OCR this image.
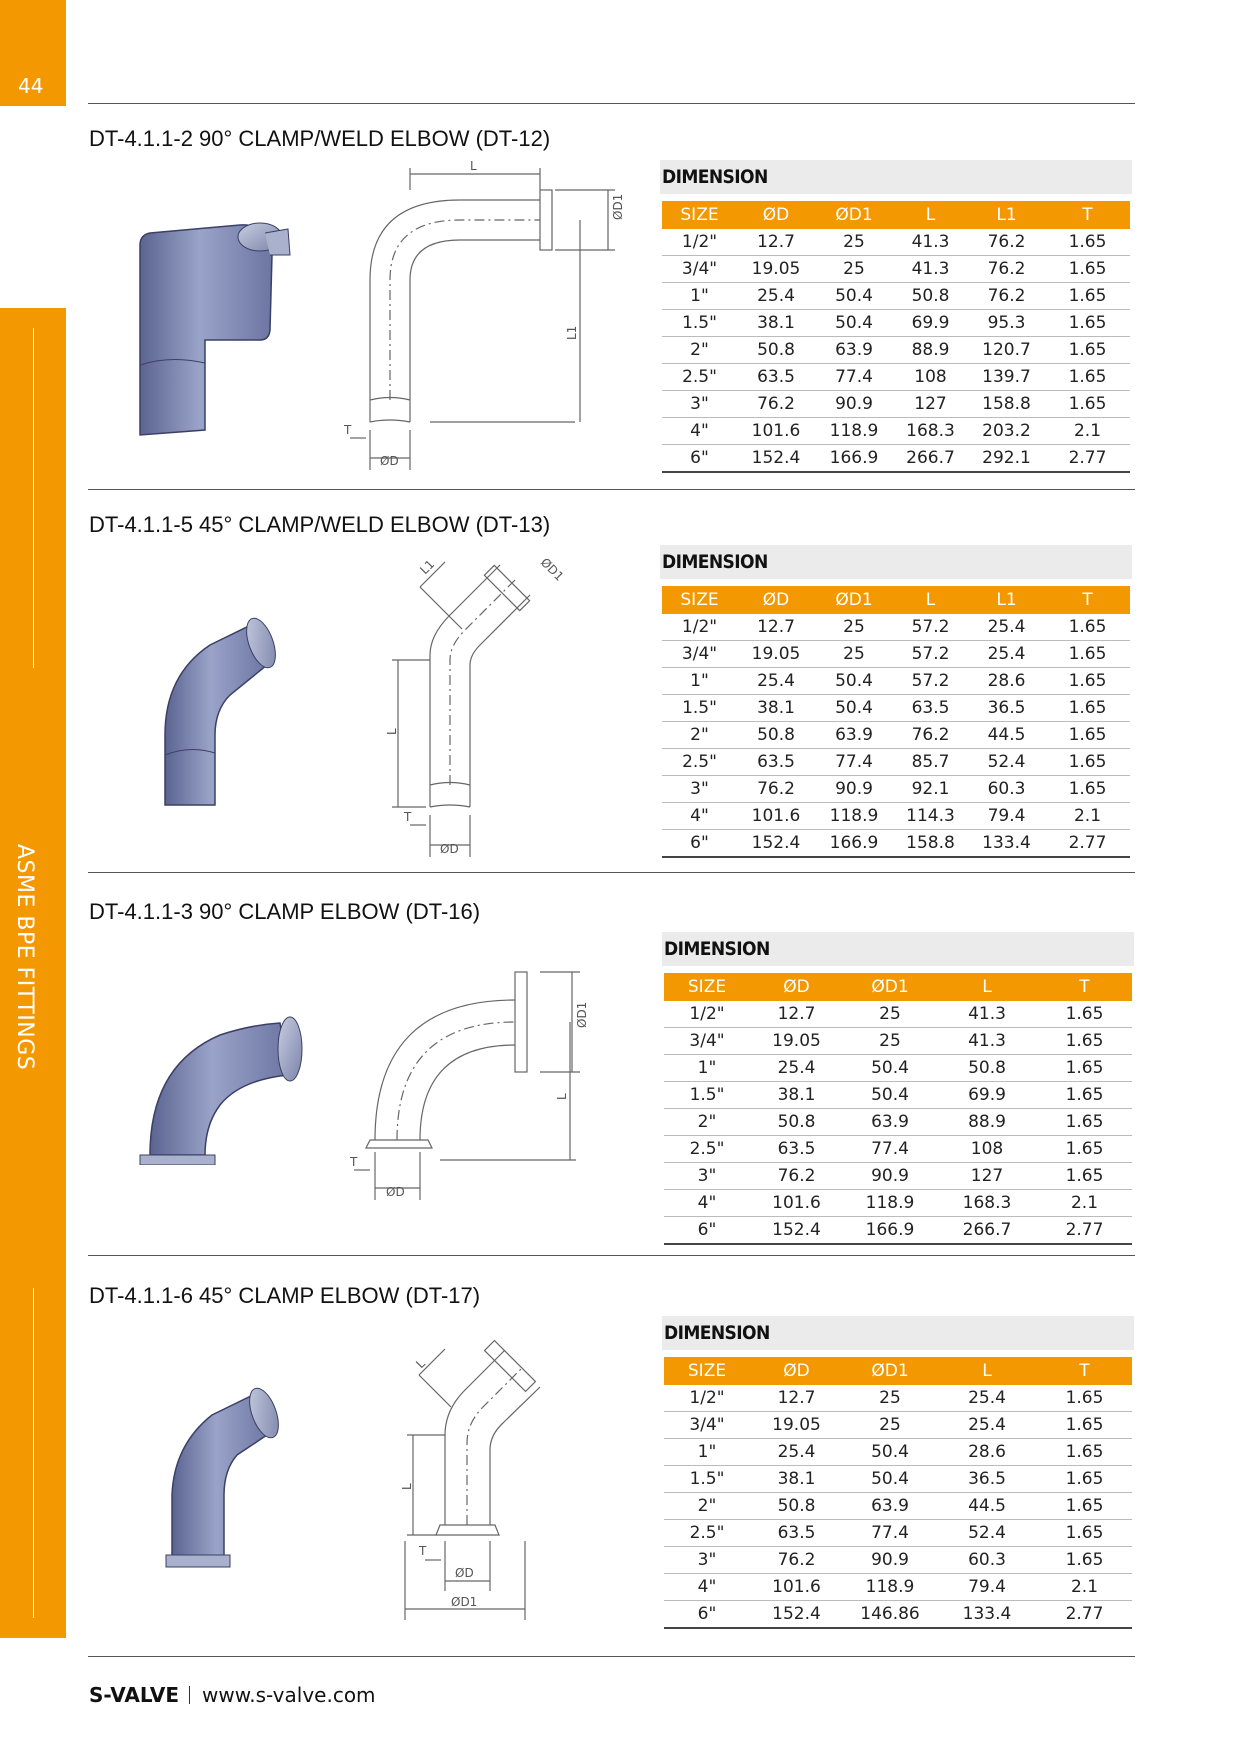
44
ASME BPE FITTINGS
DT-4.1.1-2 90° CLAMP/WELD ELBOW (DT-12)
L
ØD1
L1
T
ØD
DIMENSION
SIZE	ØD	ØD1	L	L1	T
1/2"	12.7	25	41.3	76.2	1.65
3/4"	19.05	25	41.3	76.2	1.65
1"	25.4	50.4	50.8	76.2	1.65
1.5"	38.1	50.4	69.9	95.3	1.65
2"	50.8	63.9	88.9	120.7	1.65
2.5"	63.5	77.4	108	139.7	1.65
3"	76.2	90.9	127	158.8	1.65
4"	101.6	118.9	168.3	203.2	2.1
6"	152.4	166.9	266.7	292.1	2.77
DT-4.1.1-5 45° CLAMP/WELD ELBOW (DT-13)
L1	ØD1
L
T
ØD
DIMENSION
SIZE	ØD	ØD1	L	L1	T
1/2"	12.7	25	57.2	25.4	1.65
3/4"	19.05	25	57.2	25.4	1.65
1"	25.4	50.4	57.2	28.6	1.65
1.5"	38.1	50.4	63.5	36.5	1.65
2"	50.8	63.9	76.2	44.5	1.65
2.5"	63.5	77.4	85.7	52.4	1.65
3"	76.2	90.9	92.1	60.3	1.65
4"	101.6	118.9	114.3	79.4	2.1
6"	152.4	166.9	158.8	133.4	2.77
DT-4.1.1-3 90° CLAMP ELBOW (DT-16)
ØD1
L
T
ØD
DIMENSION
SIZE	ØD	ØD1	L	T
1/2"	12.7	25	41.3	1.65
3/4"	19.05	25	41.3	1.65
1"	25.4	50.4	50.8	1.65
1.5"	38.1	50.4	69.9	1.65
2"	50.8	63.9	88.9	1.65
2.5"	63.5	77.4	108	1.65
3"	76.2	90.9	127	1.65
4"	101.6	118.9	168.3	2.1
6"	152.4	166.9	266.7	2.77
DT-4.1.1-6 45° CLAMP ELBOW (DT-17)
L
L
T
ØD
ØD1
DIMENSION
SIZE	ØD	ØD1	L	T
1/2"	12.7	25	25.4	1.65
3/4"	19.05	25	25.4	1.65
1"	25.4	50.4	28.6	1.65
1.5"	38.1	50.4	36.5	1.65
2"	50.8	63.9	44.5	1.65
2.5"	63.5	77.4	52.4	1.65
3"	76.2	90.9	60.3	1.65
4"	101.6	118.9	79.4	2.1
6"	152.4	146.86	133.4	2.77
S-VALVE www.s-valve.com
